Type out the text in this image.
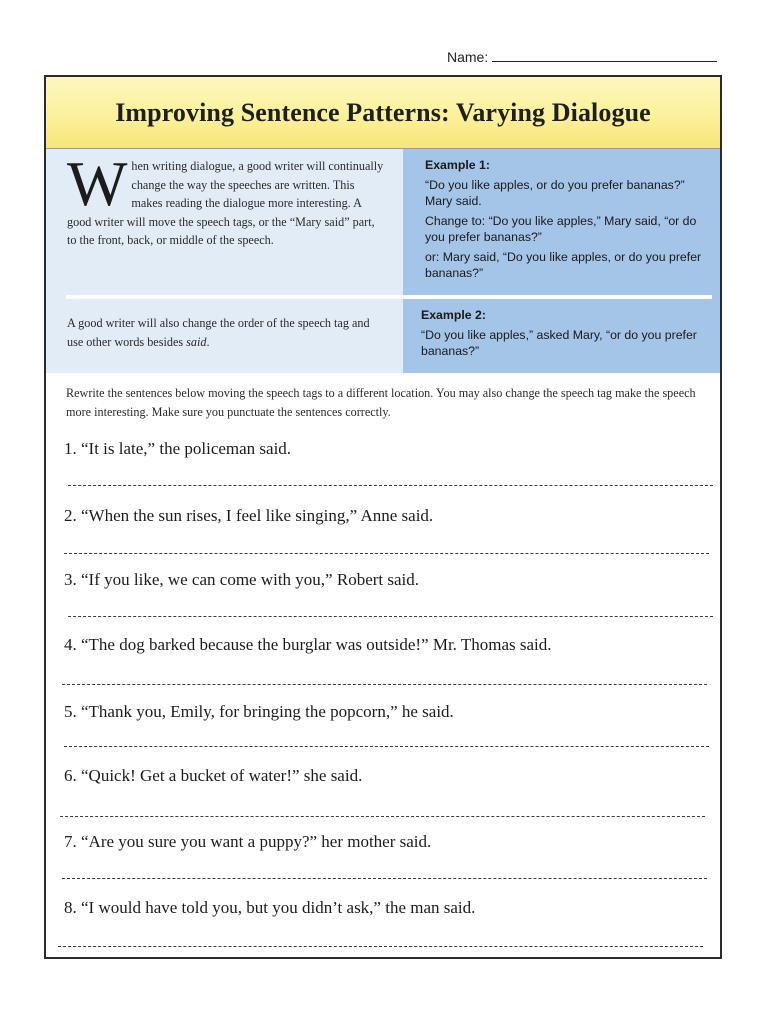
Name:
Improving Sentence Patterns: Varying Dialogue
When writing dialogue, a good writer will continually change the way the speeches are written. This makes reading the dialogue more interesting. A good writer will move the speech tags, or the “Mary said” part, to the front, back, or middle of the speech.
A good writer will also change the order of the speech tag and use other words besides said.
Example 1:

“Do you like apples, or do you prefer bananas?” Mary said.

Change to: “Do you like apples,” Mary said, “or do you prefer bananas?”

or: Mary said, “Do you like apples, or do you prefer bananas?”

Example 2:

“Do you like apples,” asked Mary, “or do you prefer bananas?”

Rewrite the sentences below moving the speech tags to a different location. You may also change the speech tag make the speech more interesting. Make sure you punctuate the sentences correctly.
1. “It is late,” the policeman said.
2. “When the sun rises, I feel like singing,” Anne said.
3. “If you like, we can come with you,” Robert said.
4. “The dog barked because the burglar was outside!” Mr. Thomas said.
5. “Thank you, Emily, for bringing the popcorn,” he said.
6. “Quick! Get a bucket of water!” she said.
7. “Are you sure you want a puppy?” her mother said.
8. “I would have told you, but you didn’t ask,” the man said.
